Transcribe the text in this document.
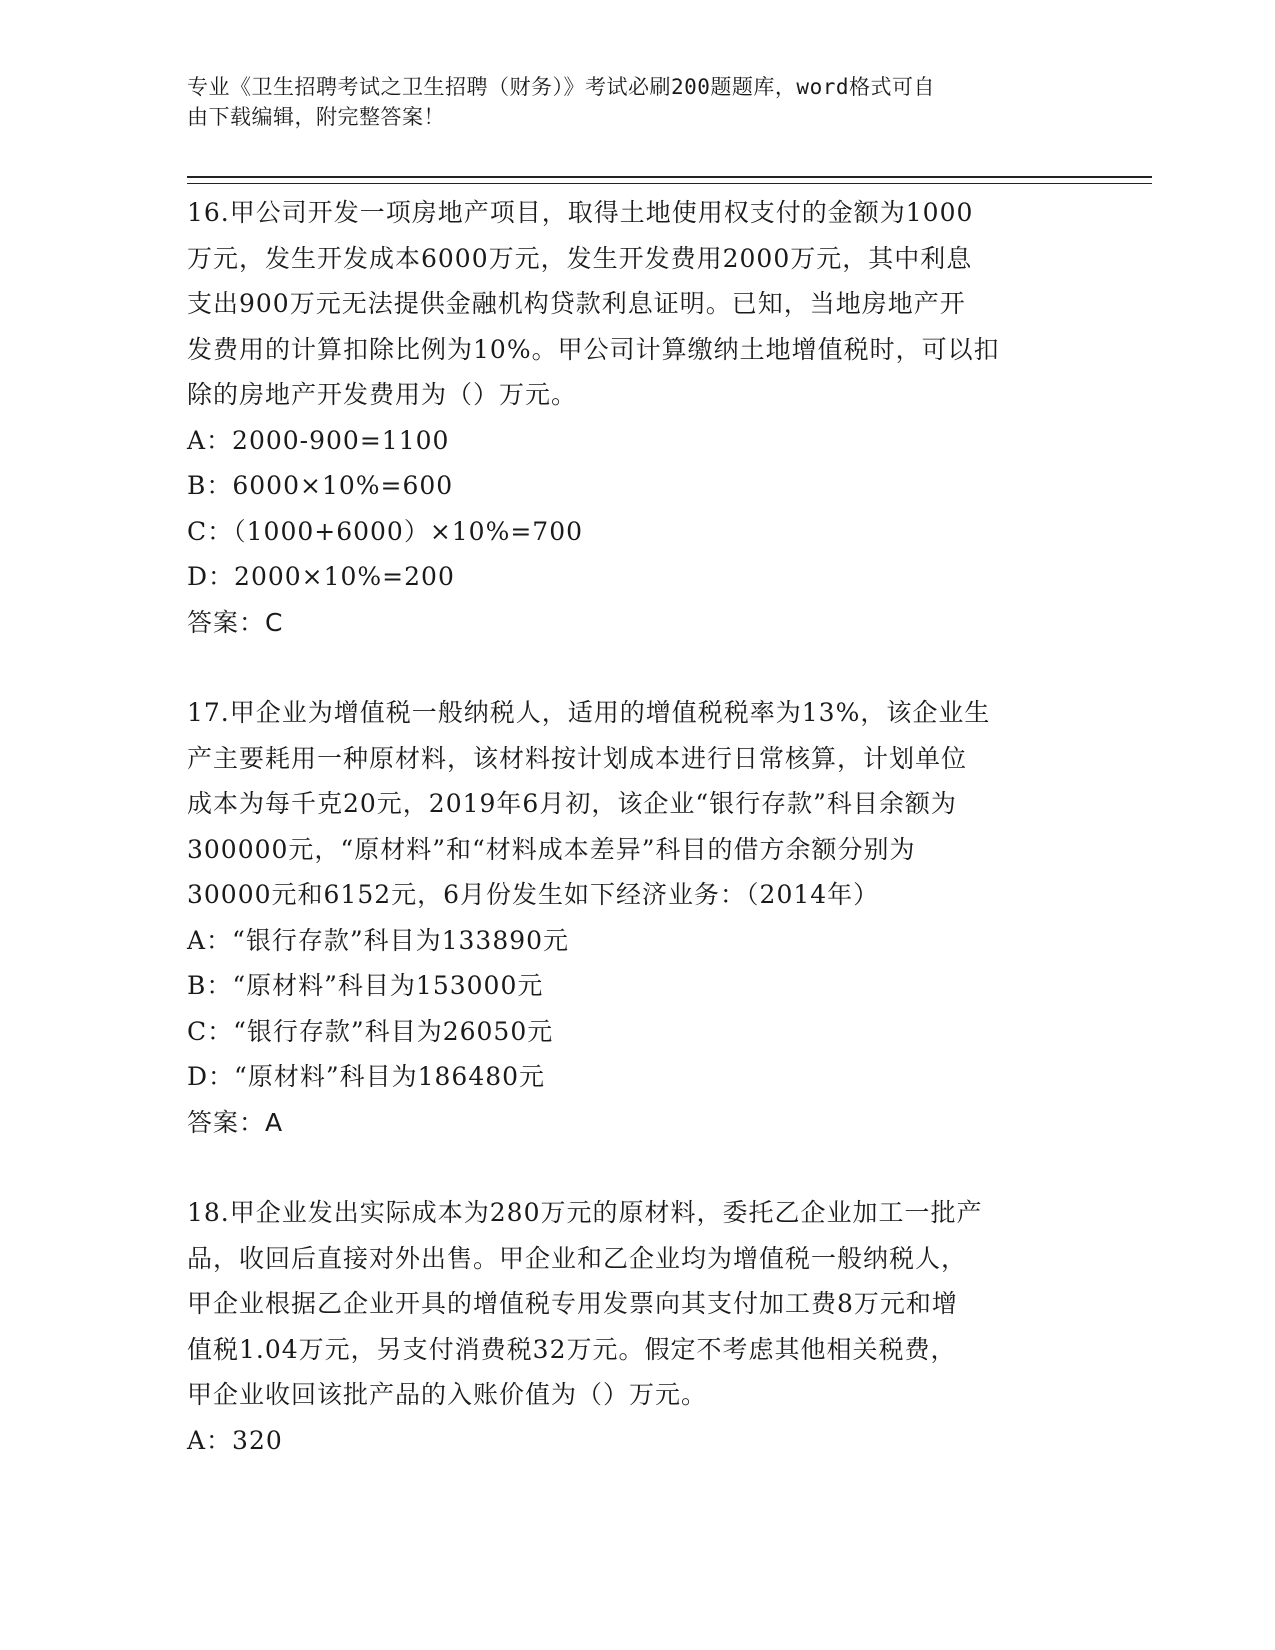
专业《卫生招聘考试之卫生招聘（财务）》考试必刷200题题库，word格式可自
由下载编辑，附完整答案！
16.甲公司开发一项房地产项目，取得土地使用权支付的金额为1000
万元，发生开发成本6000万元，发生开发费用2000万元，其中利息
支出900万元无法提供金融机构贷款利息证明。已知，当地房地产开
发费用的计算扣除比例为10%。甲公司计算缴纳土地增值税时，可以扣
除的房地产开发费用为（）万元。
A：2000-900=1100
B：6000×10%=600
C：（1000+6000）×10%=700
D：2000×10%=200
答案：C
17.甲企业为增值税一般纳税人，适用的增值税税率为13%，该企业生
产主要耗用一种原材料，该材料按计划成本进行日常核算，计划单位
成本为每千克20元，2019年6月初，该企业“银行存款”科目余额为
300000元，“原材料”和“材料成本差异”科目的借方余额分别为
30000元和6152元，6月份发生如下经济业务：（2014年）
A：“银行存款”科目为133890元
B：“原材料”科目为153000元
C：“银行存款”科目为26050元
D：“原材料”科目为186480元
答案：A
18.甲企业发出实际成本为280万元的原材料，委托乙企业加工一批产
品，收回后直接对外出售。甲企业和乙企业均为增值税一般纳税人，
甲企业根据乙企业开具的增值税专用发票向其支付加工费8万元和增
值税1.04万元，另支付消费税32万元。假定不考虑其他相关税费，
甲企业收回该批产品的入账价值为（）万元。
A：320
